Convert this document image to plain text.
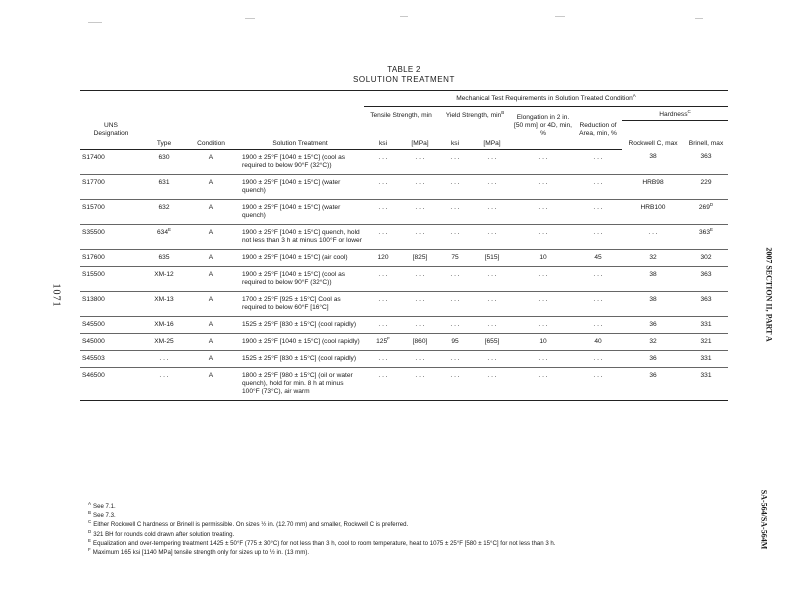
1071	2007 SECTION II, PART A
SA-564/SA-564M
TABLE 2
SOLUTION TREATMENT
				Mechanical Test Requirements in Solution Treated Condition$^A$
				Tensile Strength, min		Yield Strength, $\min^B$		Elongation in 2 in. [50 mm] or 4D, min, %	Reduction of Area, min, %	Hardness$^C$
UNS
Designation										Rockwell C, max	Brinell, max
	Type	Condition	Solution Treatment	ksi	[MPa]	ksi	[MPa]				
S17400	630	A	1900 ± 25°F [1040 ± 15°C] (cool as required to below 90°F (32°C))	. . .	. . .	. . .	. . .	. . .	. . .	38	363
S17700	631	A	1900 ± 25°F [1040 ± 15°C] (water quench)	. . .	. . .	. . .	. . .	. . .	. . .	HRB98	229
S15700	632	A	1900 ± 25°F [1040 ± 15°C] (water quench)	. . .	. . .	. . .	. . .	. . .	. . .	HRB100	$269^D$
S35500	$634^E$	A	1900 ± 25°F [1040 ± 15°C] quench, hold not less than 3 h at minus 100°F or lower	. . .	. . .	. . .	. . .	. . .	. . .	. . .	$363^E$
S17600	635	A	1900 ± 25°F [1040 ± 15°C] (air cool)	120	[825]	75	[515]	10	45	32	302
S15500	XM-12	A	1900 ± 25°F [1040 ± 15°C] (cool as required to below 90°F (32°C))	. . .	. . .	. . .	. . .	. . .	. . .	38	363
S13800	XM-13	A	1700 ± 25°F [925 ± 15°C] Cool as required to below 60°F [16°C]	. . .	. . .	. . .	. . .	. . .	. . .	38	363
S45500	XM-16	A	1525 ± 25°F [830 ± 15°C] (cool rapidly)	. . .	. . .	. . .	. . .	. . .	. . .	36	331
S45000	XM-25	A	1900 ± 25°F [1040 ± 15°C] (cool rapidly)	$125^F$	[860]	95	[655]	10	40	32	321
S45503	. . .	A	1525 ± 25°F [830 ± 15°C] (cool rapidly)	. . .	. . .	. . .	. . .	. . .	. . .	36	331
S46500	. . .	A	1800 ± 25°F [980 ± 15°C] (oil or water quench), hold for min. 8 h at minus 100°F (73°C), air warm	. . .	. . .	. . .	. . .	. . .	. . .	36	331
$^A$ See 7.1.
$^B$ See 7.3.
$^C$ Either Rockwell C hardness or Brinell is permissible. On sizes ½ in. (12.70 mm) and smaller, Rockwell C is preferred.
$^D$ 321 BH for rounds cold drawn after solution treating.
$^E$ Equalization and over-tempering treatment 1425 ± 50°F (775 ± 30°C) for not less than 3 h, cool to room temperature, heat to 1075 ± 25°F [580 ± 15°C] for not less than 3 h.
$^F$ Maximum 165 ksi [1140 MPa] tensile strength only for sizes up to ½ in. (13 mm).
